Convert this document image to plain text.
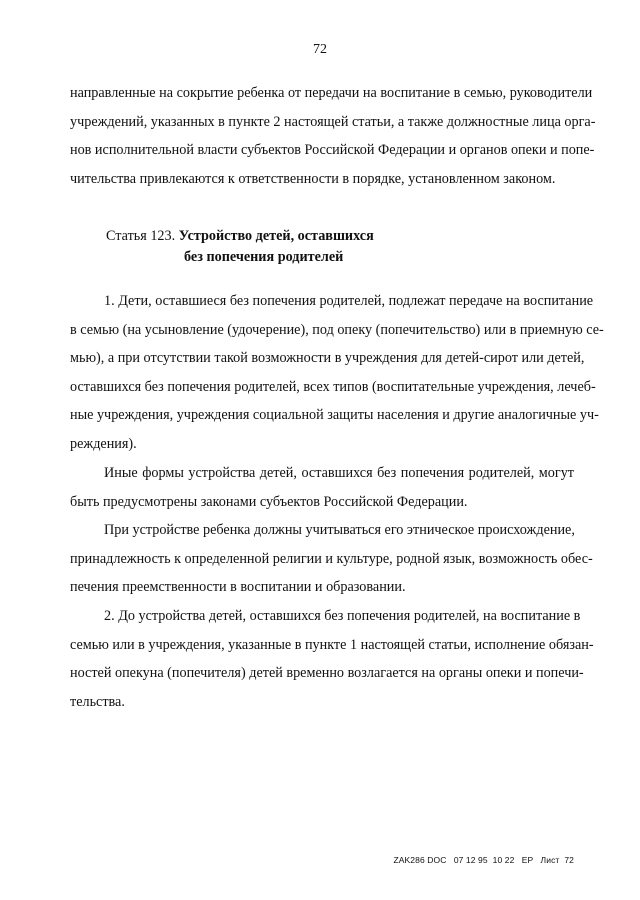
72
направленные на сокрытие ребенка от передачи на воспитание в семью, руководители
учреждений, указанных в пункте 2 настоящей статьи, а также должностные лица орга-
нов исполнительной власти субъектов Российской Федерации и органов опеки и попе-
чительства привлекаются к ответственности в порядке, установленном законом.
Статья 123. Устройство детей, оставшихся
без попечения родителей
1. Дети, оставшиеся без попечения родителей, подлежат передаче на воспитание
в семью (на усыновление (удочерение), под опеку (попечительство) или в приемную се-
мью), а при отсутствии такой возможности в учреждения для детей-сирот или детей,
оставшихся без попечения родителей, всех типов (воспитательные учреждения, лечеб-
ные учреждения, учреждения социальной защиты населения и другие аналогичные уч-
реждения).
Иные формы устройства детей, оставшихся без попечения родителей, могут
быть предусмотрены законами субъектов Российской Федерации.
При устройстве ребенка должны учитываться его этническое происхождение,
принадлежность к определенной религии и культуре, родной язык, возможность обес-
печения преемственности в воспитании и образовании.
2. До устройства детей, оставшихся без попечения родителей, на воспитание в
семью или в учреждения, указанные в пункте 1 настоящей статьи, исполнение обязан-
ностей опекуна (попечителя) детей временно возлагается на органы опеки и попечи-
тельства.
ZAK286 DOC   07 12 95  10 22   EP   Лист  72
